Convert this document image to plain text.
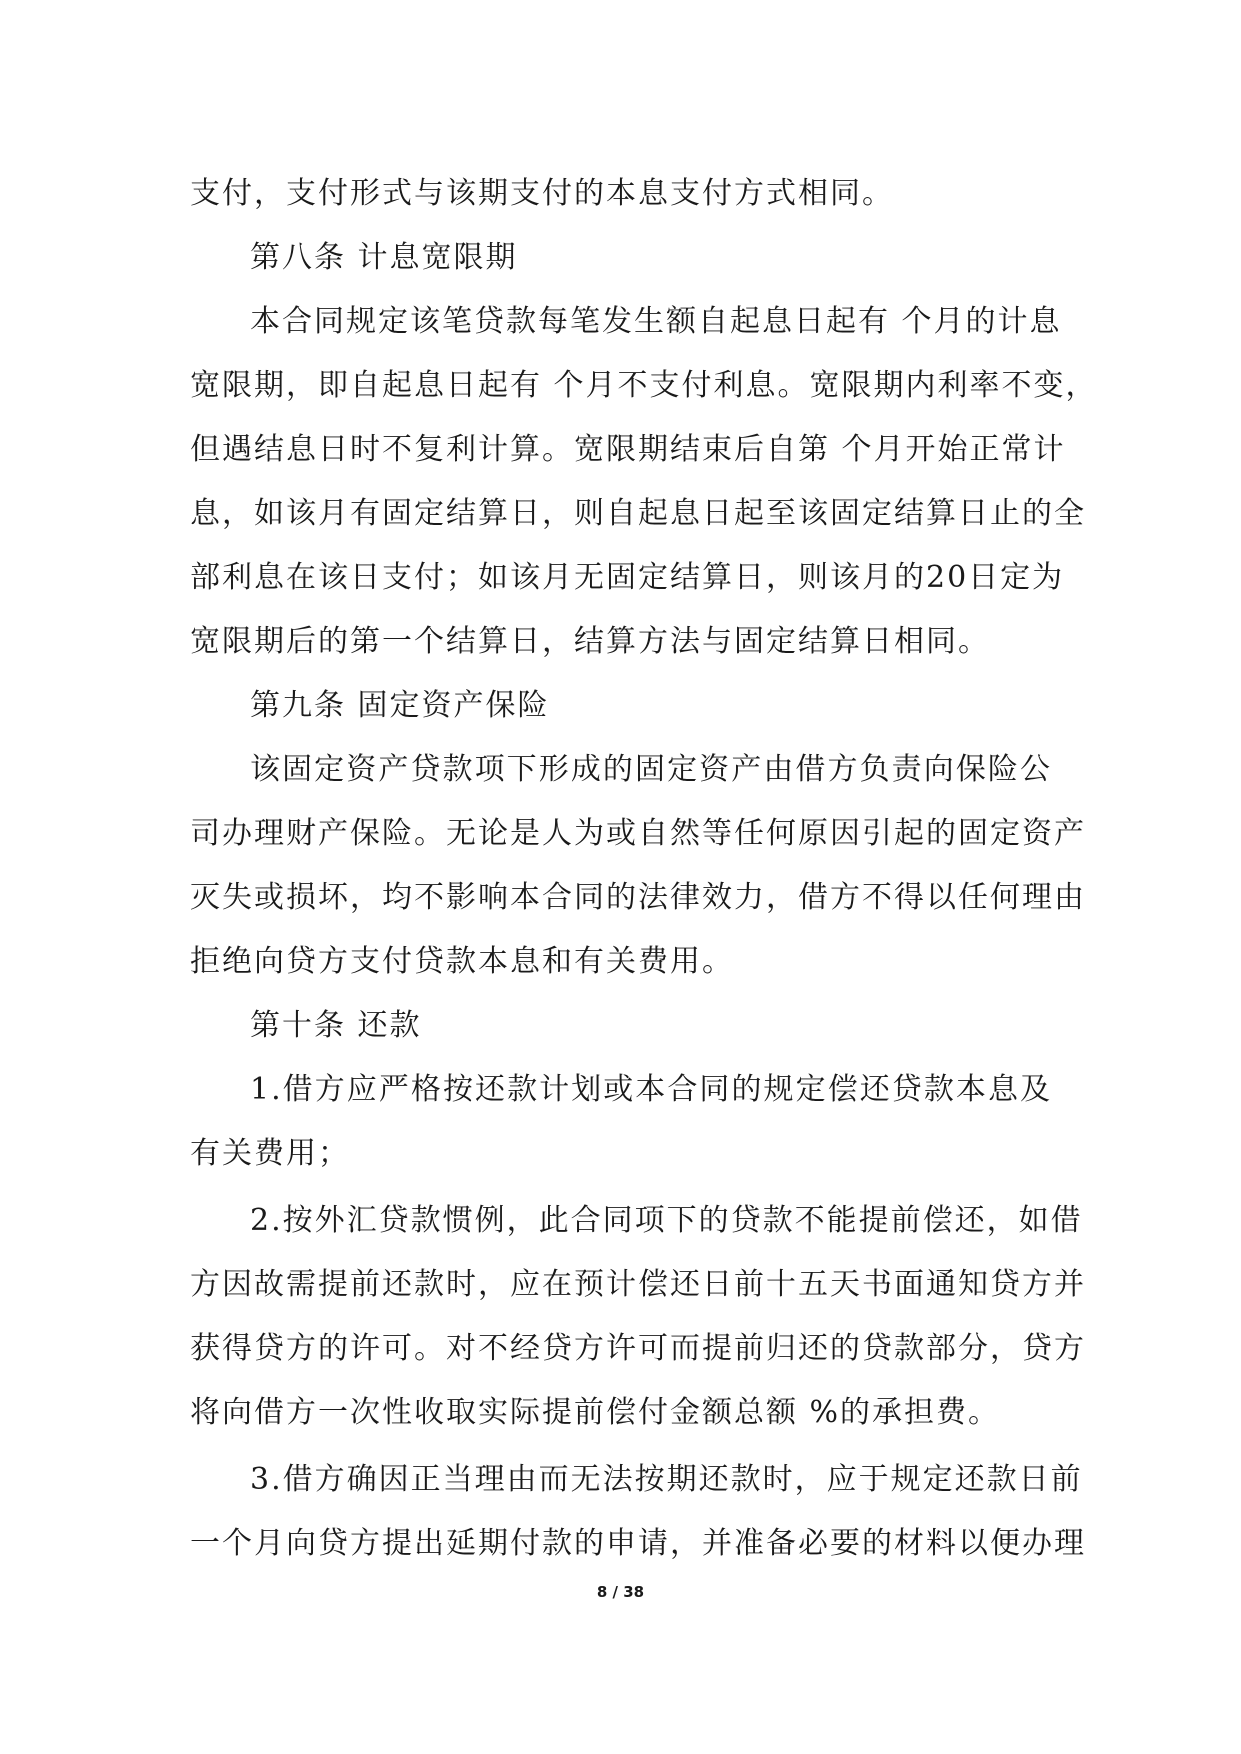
支付，支付形式与该期支付的本息支付方式相同。
第八条 计息宽限期
本合同规定该笔贷款每笔发生额自起息日起有 个月的计息
宽限期，即自起息日起有 个月不支付利息。宽限期内利率不变，
但遇结息日时不复利计算。宽限期结束后自第 个月开始正常计
息，如该月有固定结算日，则自起息日起至该固定结算日止的全
部利息在该日支付；如该月无固定结算日，则该月的20日定为
宽限期后的第一个结算日，结算方法与固定结算日相同。
第九条 固定资产保险
该固定资产贷款项下形成的固定资产由借方负责向保险公
司办理财产保险。无论是人为或自然等任何原因引起的固定资产
灭失或损坏，均不影响本合同的法律效力，借方不得以任何理由
拒绝向贷方支付贷款本息和有关费用。
第十条 还款
1.借方应严格按还款计划或本合同的规定偿还贷款本息及
有关费用；
2.按外汇贷款惯例，此合同项下的贷款不能提前偿还，如借
方因故需提前还款时，应在预计偿还日前十五天书面通知贷方并
获得贷方的许可。对不经贷方许可而提前归还的贷款部分，贷方
将向借方一次性收取实际提前偿付金额总额 %的承担费。
3.借方确因正当理由而无法按期还款时，应于规定还款日前
一个月向贷方提出延期付款的申请，并准备必要的材料以便办理
8 / 38
